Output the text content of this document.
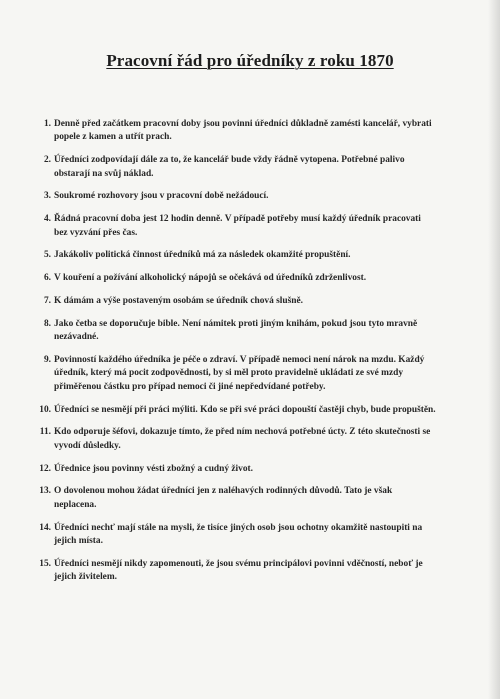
Pracovní řád pro úředníky z roku 1870
1. Denně před začátkem pracovní doby jsou povinni úředníci důkladně zamésti kancelář, vybrati popele z kamen a utřít prach.
2. Úředníci zodpovídají dále za to, že kancelář bude vždy řádně vytopena. Potřebné palivo obstarají na svůj náklad.
3. Soukromé rozhovory jsou v pracovní době nežádoucí.
4. Řádná pracovní doba jest 12 hodin denně. V případě potřeby musí každý úředník pracovati bez vyzvání přes čas.
5. Jakákoliv politická činnost úředníků má za následek okamžité propuštění.
6. V kouření a požívání alkoholický nápojů se očekává od úředníků zdrženlivost.
7. K dámám a výše postaveným osobám se úředník chová slušně.
8. Jako četba se doporučuje bible. Není námitek proti jiným knihám, pokud jsou tyto mravně nezávadné.
9. Povinností každého úředníka je péče o zdraví. V případě nemoci není nárok na mzdu. Každý úředník, který má pocit zodpovědnosti, by si měl proto pravidelně ukládati ze své mzdy přiměřenou částku pro případ nemoci či jiné nepředvídané potřeby.
10. Úředníci se nesmějí při práci mýliti. Kdo se při své práci dopouští častěji chyb, bude propuštěn.
11. Kdo odporuje šéfovi, dokazuje tímto, že před ním nechová potřebné úcty. Z této skutečnosti se vyvodí důsledky.
12. Úřednice jsou povinny vésti zbožný a cudný život.
13. O dovolenou mohou žádat úředníci jen z naléhavých rodinných důvodů. Tato je však neplacena.
14. Úředníci nechť mají stále na mysli, že tisíce jiných osob jsou ochotny okamžitě nastoupiti na jejich místa.
15. Úředníci nesmějí nikdy zapomenouti, že jsou svému principálovi povinni vděčností, neboť je jejich živitelem.
